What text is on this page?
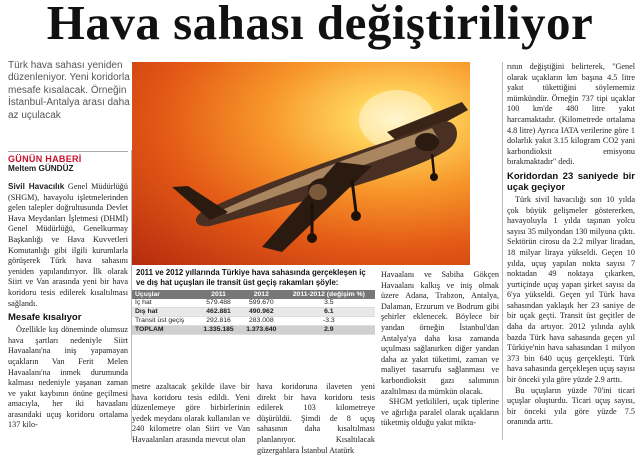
Hava sahası değiştiriliyor
Türk hava sahası yeniden düzenleniyor. Yeni koridorla mesafe kısalacak. Örneğin İstanbul-Antalya arası daha az uçulacak
GÜNÜN HABERİ
Meltem GÜNDÜZ

Sivil Havacılık Genel Müdürlüğü (SHGM), havayolu işletmelerinden gelen talepler doğrultusunda Devlet Hava Meydanları İşletmesi (DHMİ) Genel Müdürlüğü, Genelkurmay Başkanlığı ve Hava Kuvvetleri Komutanlığı gibi ilgili kurumlarla görüşerek Türk hava sahasını yeniden yapılandırıyor. İlk olarak Siirt ve Van arasında yeni bir hava koridoru tesis edilerek kısaltılması sağlandı.

Mesafe kısalıyor

Özellikle kış döneminde olumsuz hava şartları nedeniyle Siirt Havaalanı'na iniş yapamayan uçakların Van Ferit Melen Havaalanı'na inmek durumunda kalması nedeniyle yaşanan zaman ve yakıt kaybının önüne geçilmesi amacıyla, her iki havaalanı arasındaki uçuş koridoru ortalama 137 kilo-

2011 ve 2012 yıllarında Türkiye hava sahasında gerçekleşen iç ve dış hat uçuşları ile transit üst geçiş rakamları şöyle:
Uçuşlar	2011	2012	2011-2012 (değişim %)
İç hat	579.488	599.670	3.5
Dış hat	462.881	490.962	6.1
Transit üst geçiş	292.816	283.008	-3.3
TOPLAM	1.335.185	1.373.640	2.9

metre azaltacak şekilde ilave bir hava koridoru tesis edildi. Yeni düzenlemeye göre birbirlerinin yedek meydanı olarak kullanılan ve 240 kilometre olan Siirt ve Van Havaalanları arasında mevcut olan

hava koridoruna ilaveten yeni direkt bir hava koridoru tesis edilerek 103 kilometreye düşürüldü. Şimdi de 8 uçuş sahasının daha kısaltılması planlanıyor. Kısaltılacak güzergahlara İstanbul Atatürk

Havaalanı ve Sabiha Gökçen Havaalanı kalkış ve iniş olmak üzere Adana, Trabzon, Antalya, Dalaman, Erzurum ve Bodrum gibi şehirler eklenecek. Böylece bir yandan örneğin İstanbul'dan Antalya'ya daha kısa zamanda uçulması sağlanırken diğer yandan daha az yakıt tüketimi, zaman ve maliyet tasarrufu sağlanması ve karbondioksit gazı salımının azaltılması da mümkün olacak.

SHGM yetkilileri, uçak tiplerine ve ağırlığa paralel olarak uçakların tüketmiş olduğu yakıt mikta-

rının değiştiğini belirterek, "Genel olarak uçakların km başına 4.5 litre yakıt tükettiğini söylememiz mümkündür. Örneğin 737 tipi uçaklar 100 km'de 480 litre yakıt harcamaktadır. (Kilometrede ortalama 4.8 litre) Ayrıca IATA verilerine göre 1 dolarlık yakıt 3.15 kilogram CO2 yani karbondioksit emisyonu bırakmaktadır" dedi.

Koridordan 23 saniyede bir uçak geçiyor

Türk sivil havacılığı son 10 yılda çok büyük gelişmeler göstererken, havayoluyla 1 yılda taşınan yolcu sayısı 35 milyondan 130 milyona çıktı. Sektörün cirosu da 2.2 milyar liradan, 18 milyar liraya yükseldi. Geçen 10 yılda, uçuş yapılan nokta sayısı 7 noktadan 49 noktaya çıkarken, yurtiçinde uçuş yapan şirket sayısı da 6'ya yükseldi. Geçen yıl Türk hava sahasından yaklaşık her 23 saniye de bir uçak geçti. Transit üst geçitler de daha da artıyor. 2012 yılında aylık bazda Türk hava sahasında geçen yıl Türkiye'nin hava sahasından 1 milyon 373 bin 640 uçuş gerçekleşti. Türk hava sahasında gerçekleşen uçuş sayısı bir önceki yıla göre yüzde 2.9 arttı.

Bu uçuşların yüzde 70'ini ticari uçuşlar oluşturdu. Ticari uçuş sayısı, bir önceki yıla göre yüzde 7.5 oranında arttı.
